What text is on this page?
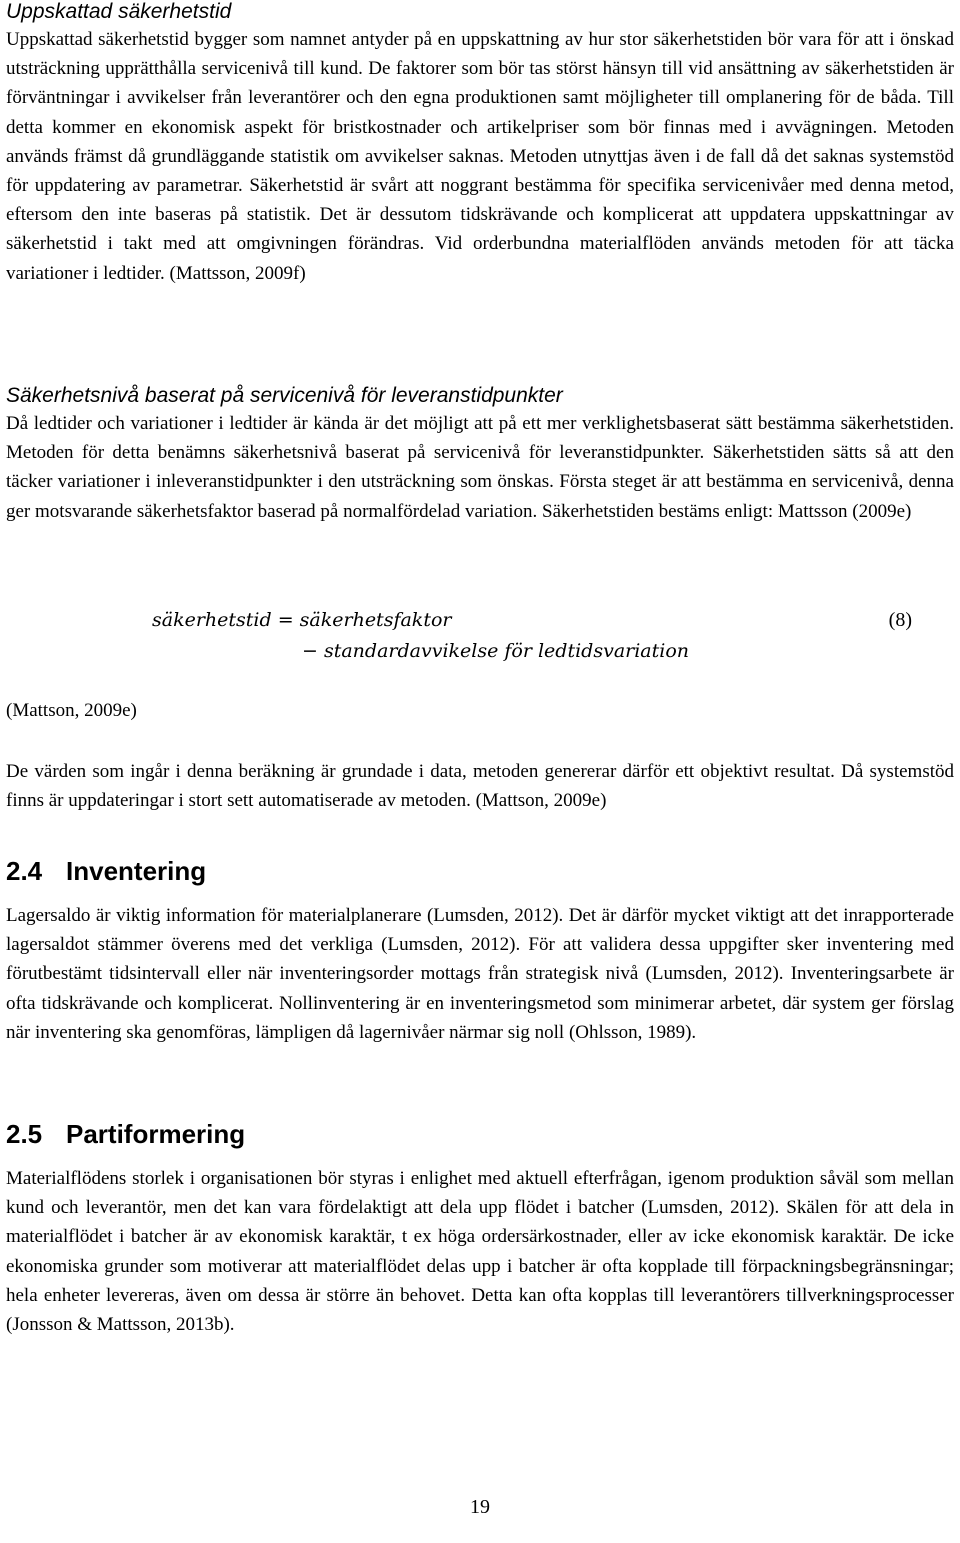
Uppskattad säkerhetstid

Uppskattad säkerhetstid bygger som namnet antyder på en uppskattning av hur stor säkerhetstiden bör vara för att i önskad utsträckning upprätthålla servicenivå till kund. De faktorer som bör tas störst hänsyn till vid ansättning av säkerhetstiden är förväntningar i avvikelser från leverantörer och den egna produktionen samt möjligheter till omplanering för de båda. Till detta kommer en ekonomisk aspekt för bristkostnader och artikelpriser som bör finnas med i avvägningen. Metoden används främst då grundläggande statistik om avvikelser saknas. Metoden utnyttjas även i de fall då det saknas systemstöd för uppdatering av parametrar. Säkerhetstid är svårt att noggrant bestämma för specifika servicenivåer med denna metod, eftersom den inte baseras på statistik. Det är dessutom tidskrävande och komplicerat att uppdatera uppskattningar av säkerhetstid i takt med att omgivningen förändras. Vid orderbundna materialflöden används metoden för att täcka variationer i ledtider. (Mattsson, 2009f)

Säkerhetsnivå baserat på servicenivå för leveranstidpunkter

Då ledtider och variationer i ledtider är kända är det möjligt att på ett mer verklighetsbaserat sätt bestämma säkerhetstiden. Metoden för detta benämns säkerhetsnivå baserat på servicenivå för leveranstidpunkter. Säkerhetstiden sätts så att den täcker variationer i inleveranstidpunkter i den utsträckning som önskas. Första steget är att bestämma en servicenivå, denna ger motsvarande säkerhetsfaktor baserad på normalfördelad variation. Säkerhetstiden bestäms enligt: Mattsson (2009e)

säkerhetstid = säkerhetsfaktor	(8)
− standardavvikelse för ledtidsvariation
(Mattson, 2009e)

De värden som ingår i denna beräkning är grundade i data, metoden genererar därför ett objektivt resultat. Då systemstöd finns är uppdateringar i stort sett automatiserade av metoden. (Mattson, 2009e)

2.4 Inventering

Lagersaldo är viktig information för materialplanerare (Lumsden, 2012). Det är därför mycket viktigt att det inrapporterade lagersaldot stämmer överens med det verkliga (Lumsden, 2012). För att validera dessa uppgifter sker inventering med förutbestämt tidsintervall eller när inventeringsorder mottags från strategisk nivå (Lumsden, 2012). Inventeringsarbete är ofta tidskrävande och komplicerat. Nollinventering är en inventeringsmetod som minimerar arbetet, där system ger förslag när inventering ska genomföras, lämpligen då lagernivåer närmar sig noll (Ohlsson, 1989).

2.5 Partiformering

Materialflödens storlek i organisationen bör styras i enlighet med aktuell efterfrågan, igenom produktion såväl som mellan kund och leverantör, men det kan vara fördelaktigt att dela upp flödet i batcher (Lumsden, 2012). Skälen för att dela in materialflödet i batcher är av ekonomisk karaktär, t ex höga ordersärkostnader, eller av icke ekonomisk karaktär. De icke ekonomiska grunder som motiverar att materialflödet delas upp i batcher är ofta kopplade till förpackningsbegränsningar; hela enheter levereras, även om dessa är större än behovet. Detta kan ofta kopplas till leverantörers tillverkningsprocesser (Jonsson & Mattsson, 2013b).

19
